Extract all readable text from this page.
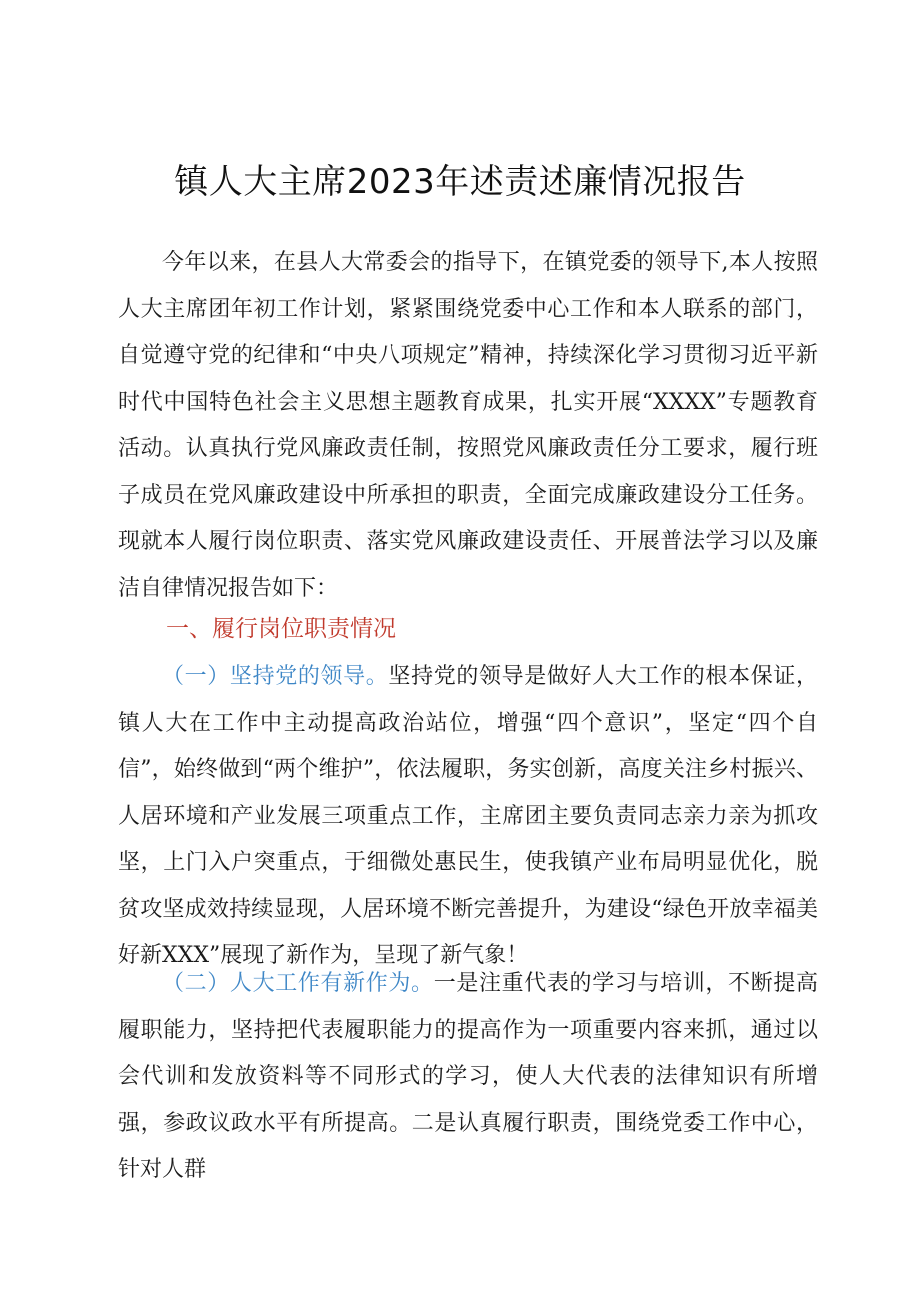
镇人大主席2023年述责述廉情况报告

今年以来，在县人大常委会的指导下，在镇党委的领导下,本人按照人大主席团年初工作计划，紧紧围绕党委中心工作和本人联系的部门，自觉遵守党的纪律和“中央八项规定”精神，持续深化学习贯彻习近平新时代中国特色社会主义思想主题教育成果，扎实开展“XXXX”专题教育活动。认真执行党风廉政责任制，按照党风廉政责任分工要求，履行班子成员在党风廉政建设中所承担的职责，全面完成廉政建设分工任务。现就本人履行岗位职责、落实党风廉政建设责任、开展普法学习以及廉洁自律情况报告如下：

一、履行岗位职责情况

（一）坚持党的领导。坚持党的领导是做好人大工作的根本保证，镇人大在工作中主动提高政治站位，增强“四个意识”，坚定“四个自信”，始终做到“两个维护”，依法履职，务实创新，高度关注乡村振兴、人居环境和产业发展三项重点工作，主席团主要负责同志亲力亲为抓攻坚，上门入户突重点，于细微处惠民生，使我镇产业布局明显优化，脱贫攻坚成效持续显现，人居环境不断完善提升，为建设“绿色开放幸福美好新XXX”展现了新作为，呈现了新气象！

（二）人大工作有新作为。一是注重代表的学习与培训，不断提高履职能力，坚持把代表履职能力的提高作为一项重要内容来抓，通过以会代训和发放资料等不同形式的学习，使人大代表的法律知识有所增强，参政议政水平有所提高。二是认真履行职责，围绕党委工作中心，针对人群
